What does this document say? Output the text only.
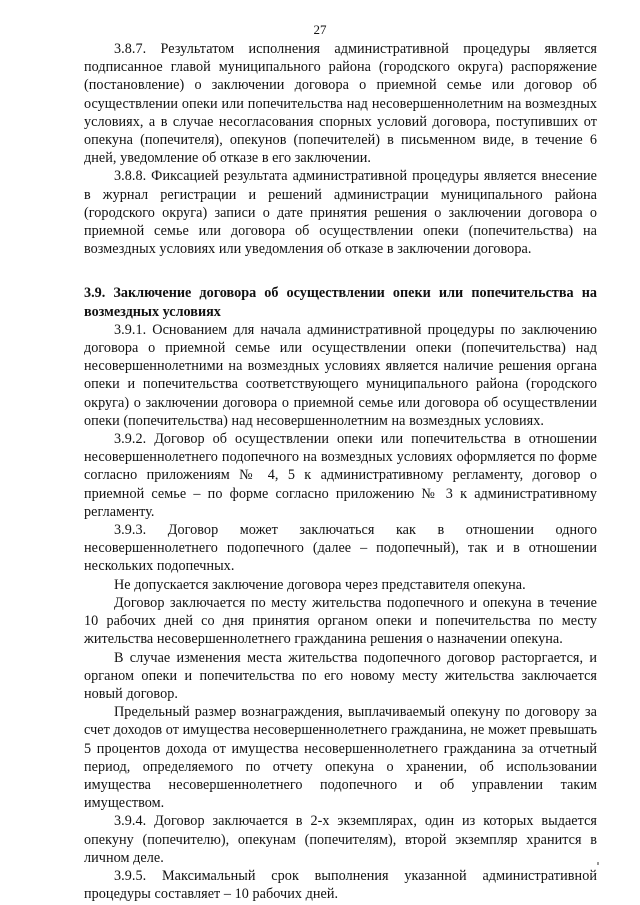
27

3.8.7. Результатом исполнения административной процедуры является подписанное главой муниципального района (городского округа) распоряжение (постановление) о заключении договора о приемной семье или договор об осуществлении опеки или попечительства над несовершеннолетним на возмездных условиях, а в случае несогласования спорных условий договора, поступивших от опекуна (попечителя), опекунов (попечителей) в письменном виде, в течение 6 дней, уведомление об отказе в его заключении.

3.8.8. Фиксацией результата административной процедуры является внесение в журнал регистрации и решений администрации муниципального района (городского округа) записи о дате принятия решения о заключении договора о приемной семье или договора об осуществлении опеки (попечительства) на возмездных условиях или уведомления об отказе в заключении договора.

3.9. Заключение договора об осуществлении опеки или попечительства на возмездных условиях

3.9.1. Основанием для начала административной процедуры по заключению договора о приемной семье или осуществлении опеки (попечительства) над несовершеннолетними на возмездных условиях является наличие решения органа опеки и попечительства соответствующего муниципального района (городского округа) о заключении договора о приемной семье или договора об осуществлении опеки (попечительства) над несовершеннолетним на возмездных условиях.

3.9.2. Договор об осуществлении опеки или попечительства в отношении несовершеннолетнего подопечного на возмездных условиях оформляется по форме согласно приложениям № 4, 5 к административному регламенту, договор о приемной семье – по форме согласно приложению № 3 к административному регламенту.

3.9.3. Договор может заключаться как в отношении одного несовершеннолетнего подопечного (далее – подопечный), так и в отношении нескольких подопечных.

Не допускается заключение договора через представителя опекуна.

Договор заключается по месту жительства подопечного и опекуна в течение 10 рабочих дней со дня принятия органом опеки и попечительства по месту жительства несовершеннолетнего гражданина решения о назначении опекуна.

В случае изменения места жительства подопечного договор расторгается, и органом опеки и попечительства по его новому месту жительства заключается новый договор.

Предельный размер вознаграждения, выплачиваемый опекуну по договору за счет доходов от имущества несовершеннолетнего гражданина, не может превышать 5 процентов дохода от имущества несовершеннолетнего гражданина за отчетный период, определяемого по отчету опекуна о хранении, об использовании имущества несовершеннолетнего подопечного и об управлении таким имуществом.

3.9.4. Договор заключается в 2-х экземплярах, один из которых выдается опекуну (попечителю), опекунам (попечителям), второй экземпляр хранится в личном деле.

3.9.5. Максимальный срок выполнения указанной административной процедуры составляет – 10 рабочих дней.
